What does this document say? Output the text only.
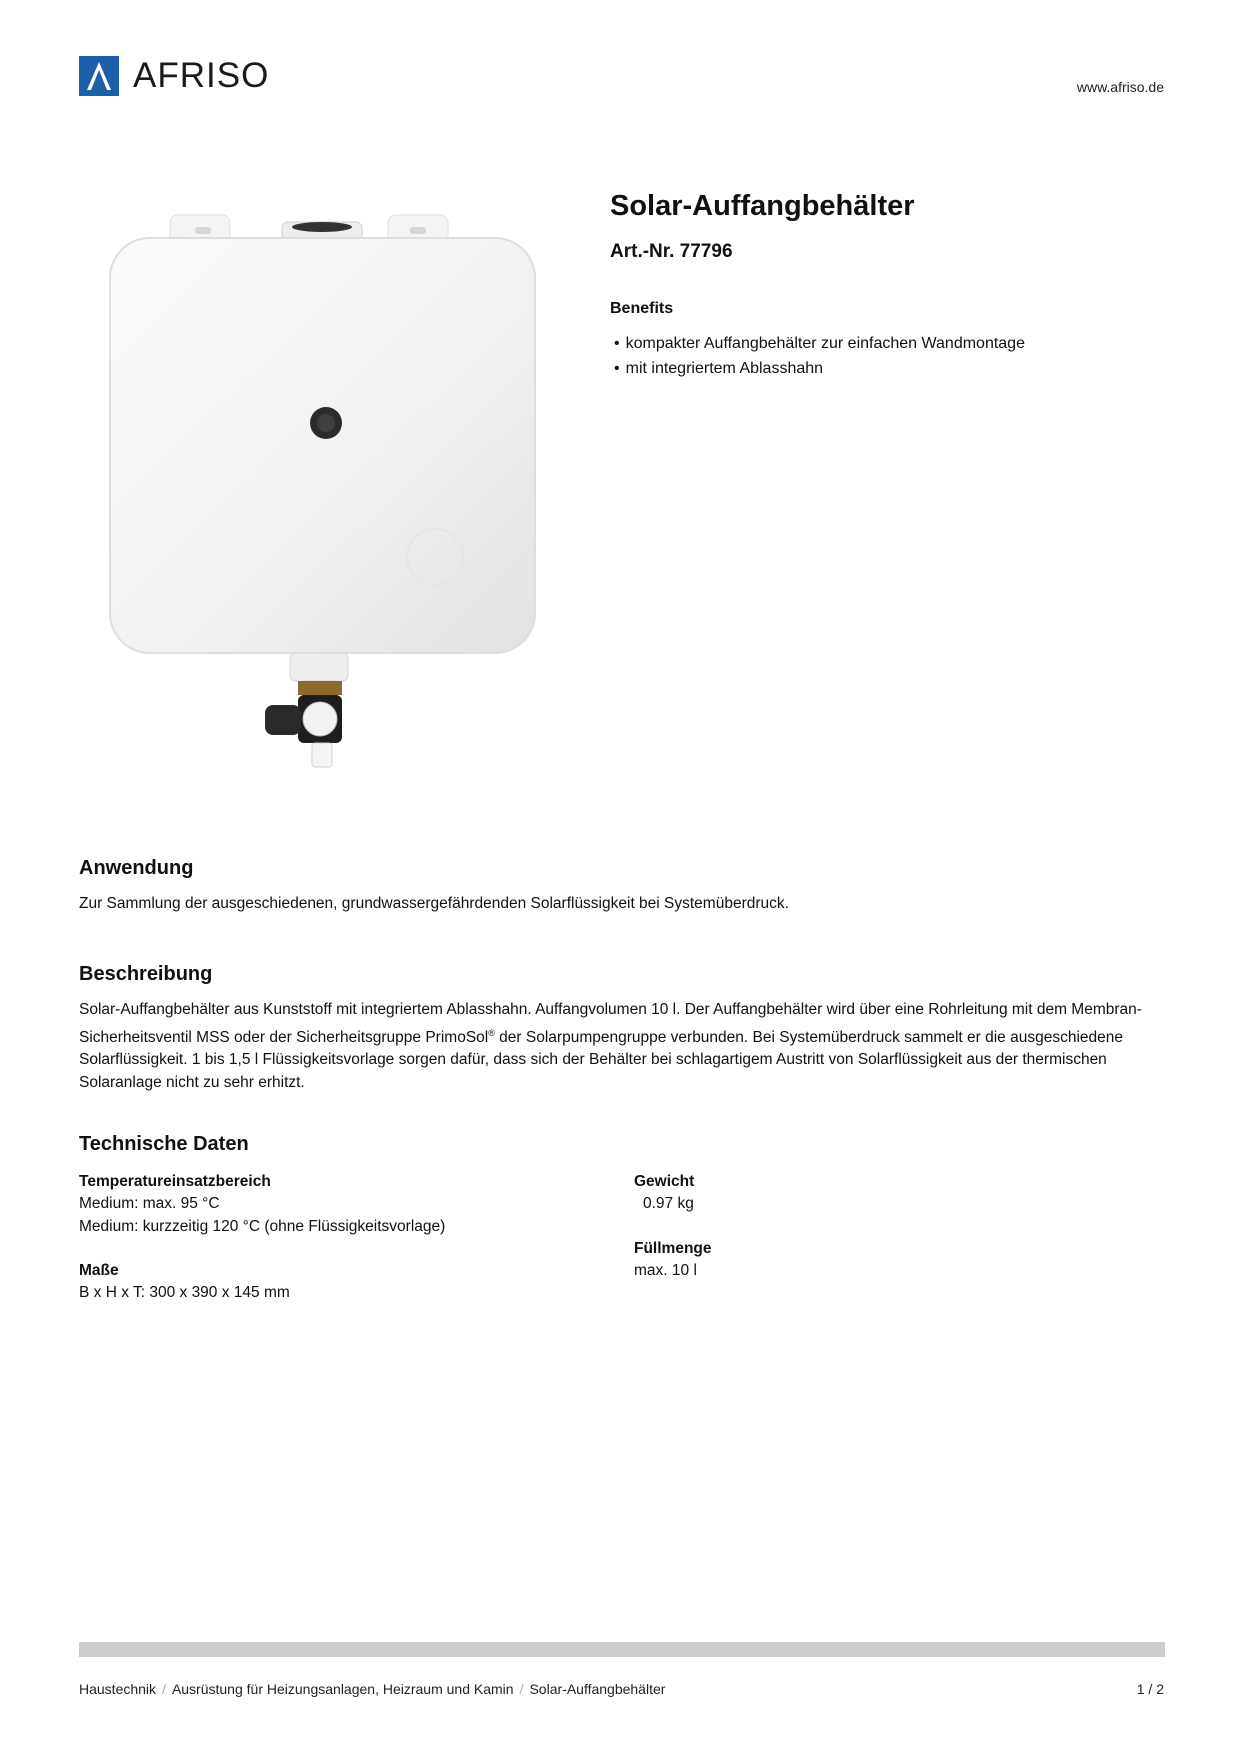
AFRISO	www.afriso.de
Solar-Auffangbehälter
Art.-Nr. 77796
Benefits
• kompakter Auffangbehälter zur einfachen Wandmontage
• mit integriertem Ablasshahn
Anwendung
Zur Sammlung der ausgeschiedenen, grundwassergefährdenden Solarflüssigkeit bei Systemüberdruck.
Beschreibung
Solar-Auffangbehälter aus Kunststoff mit integriertem Ablasshahn. Auffangvolumen 10 l. Der Auffangbehälter wird über eine Rohrleitung mit dem Membran-Sicherheitsventil MSS oder der Sicherheitsgruppe PrimoSol® der Solarpumpengruppe verbunden. Bei Systemüberdruck sammelt er die ausgeschiedene Solarflüssigkeit. 1 bis 1,5 l Flüssigkeitsvorlage sorgen dafür, dass sich der Behälter bei schlagartigem Austritt von Solarflüssigkeit aus der thermischen Solaranlage nicht zu sehr erhitzt.
Technische Daten
Temperatureinsatzbereich
Medium: max. 95 °C
Medium: kurzzeitig 120 °C (ohne Flüssigkeitsvorlage)
Maße
B x H x T: 300 x 390 x 145 mm
Gewicht
0.97 kg
Füllmenge
max. 10 l
Haustechnik / Ausrüstung für Heizungsanlagen, Heizraum und Kamin / Solar-Auffangbehälter	1 / 2
